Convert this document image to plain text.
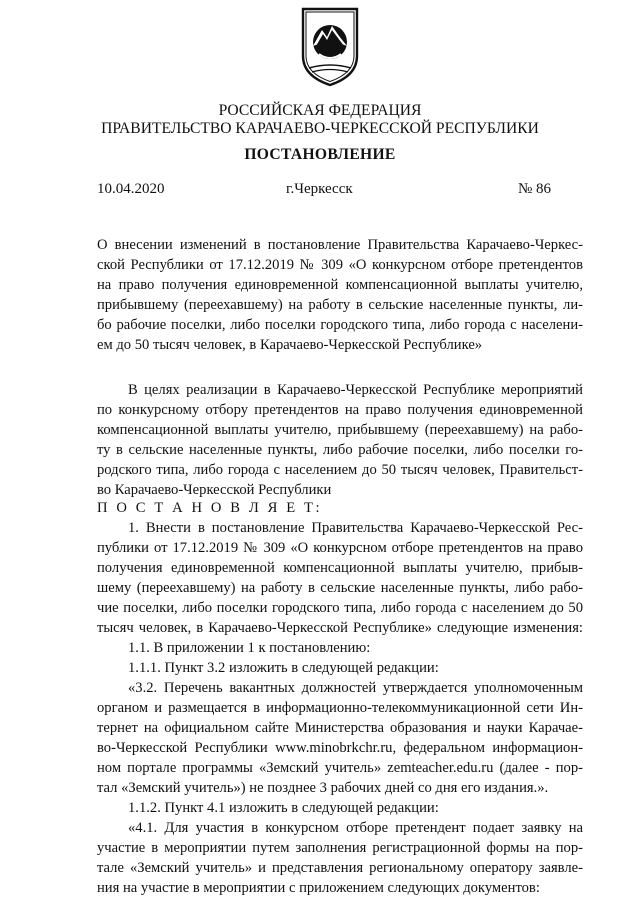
РОССИЙСКАЯ ФЕДЕРАЦИЯ
ПРАВИТЕЛЬСТВО КАРАЧАЕВО-ЧЕРКЕССКОЙ РЕСПУБЛИКИ
ПОСТАНОВЛЕНИЕ
10.04.2020	г.Черкесск	№ 86
О внесении изменений в постановление Правительства Карачаево-Черкес-
ской Республики от 17.12.2019 № 309 «О конкурсном отборе претендентов
на право получения единовременной компенсационной выплаты учителю,
прибывшему (переехавшему) на работу в сельские населенные пункты, ли-
бо рабочие поселки, либо поселки городского типа, либо города с населени-
ем до 50 тысяч человек, в Карачаево-Черкесской Республике»
В целях реализации в Карачаево-Черкесской Республике мероприятий
по конкурсному отбору претендентов на право получения единовременной
компенсационной выплаты учителю, прибывшему (переехавшему) на рабо-
ту в сельские населенные пункты, либо рабочие поселки, либо поселки го-
родского типа, либо города с населением до 50 тысяч человек, Правительст-
во Карачаево-Черкесской Республики
П О С Т А Н О В Л Я Е Т:
1. Внести в постановление Правительства Карачаево-Черкесской Рес-
публики от 17.12.2019 № 309 «О конкурсном отборе претендентов на право
получения единовременной компенсационной выплаты учителю, прибыв-
шему (переехавшему) на работу в сельские населенные пункты, либо рабо-
чие поселки, либо поселки городского типа, либо города с населением до 50
тысяч человек, в Карачаево-Черкесской Республике» следующие изменения:
1.1. В приложении 1 к постановлению:
1.1.1. Пункт 3.2 изложить в следующей редакции:
«3.2. Перечень вакантных должностей утверждается уполномоченным
органом и размещается в информационно-телекоммуникационной сети Ин-
тернет на официальном сайте Министерства образования и науки Карачае-
во-Черкесской Республики www.minobrkchr.ru, федеральном информацион-
ном портале программы «Земский учитель» zemteacher.edu.ru (далее - пор-
тал «Земский учитель») не позднее 3 рабочих дней со дня его издания.».
1.1.2. Пункт 4.1 изложить в следующей редакции:
«4.1. Для участия в конкурсном отборе претендент подает заявку на
участие в мероприятии путем заполнения регистрационной формы на пор-
тале «Земский учитель» и представления региональному оператору заявле-
ния на участие в мероприятии с приложением следующих документов:
